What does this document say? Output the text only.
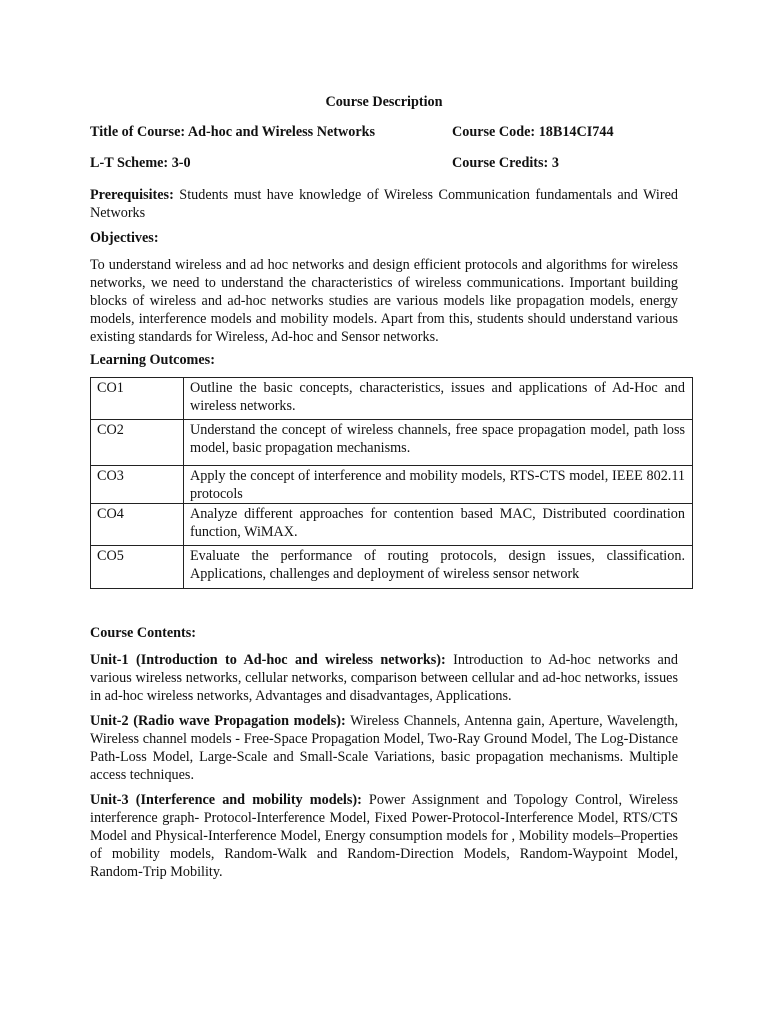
Course Description
Title of Course: Ad-hoc and Wireless Networks	Course Code: 18B14CI744
L-T Scheme: 3-0	Course Credits: 3
Prerequisites: Students must have knowledge of Wireless Communication fundamentals and Wired Networks
Objectives:
To understand wireless and ad hoc networks and design efficient protocols and algorithms for wireless networks, we need to understand the characteristics of wireless communications. Important building blocks of wireless and ad-hoc networks studies are various models like propagation models, energy models, interference models and mobility models. Apart from this, students should understand various existing standards for Wireless, Ad-hoc and Sensor networks.
Learning Outcomes:
Course Contents:
Unit-1 (Introduction to Ad-hoc and wireless networks): Introduction to Ad-hoc networks and various wireless networks, cellular networks, comparison between cellular and ad-hoc networks, issues in ad-hoc wireless networks, Advantages and disadvantages, Applications.
Unit-2 (Radio wave Propagation models): Wireless Channels, Antenna gain, Aperture, Wavelength, Wireless channel models - Free-Space Propagation Model, Two-Ray Ground Model, The Log-Distance Path-Loss Model, Large-Scale and Small-Scale Variations, basic propagation mechanisms. Multiple access techniques.
Unit-3 (Interference and mobility models): Power Assignment and Topology Control, Wireless interference graph- Protocol-Interference Model, Fixed Power-Protocol-Interference Model, RTS/CTS Model and Physical-Interference Model, Energy consumption models for , Mobility models–Properties of mobility models, Random-Walk and Random-Direction Models, Random-Waypoint Model, Random-Trip Mobility.
CO1	Outline the basic concepts, characteristics, issues and applications of Ad-Hoc and wireless networks.
CO2	Understand the concept of wireless channels, free space propagation model, path loss model, basic propagation mechanisms.
CO3	Apply the concept of interference and mobility models, RTS-CTS model, IEEE 802.11 protocols
CO4	Analyze different approaches for contention based MAC, Distributed coordination function, WiMAX.
CO5	Evaluate the performance of routing protocols, design issues, classification. Applications, challenges and deployment of wireless sensor network
